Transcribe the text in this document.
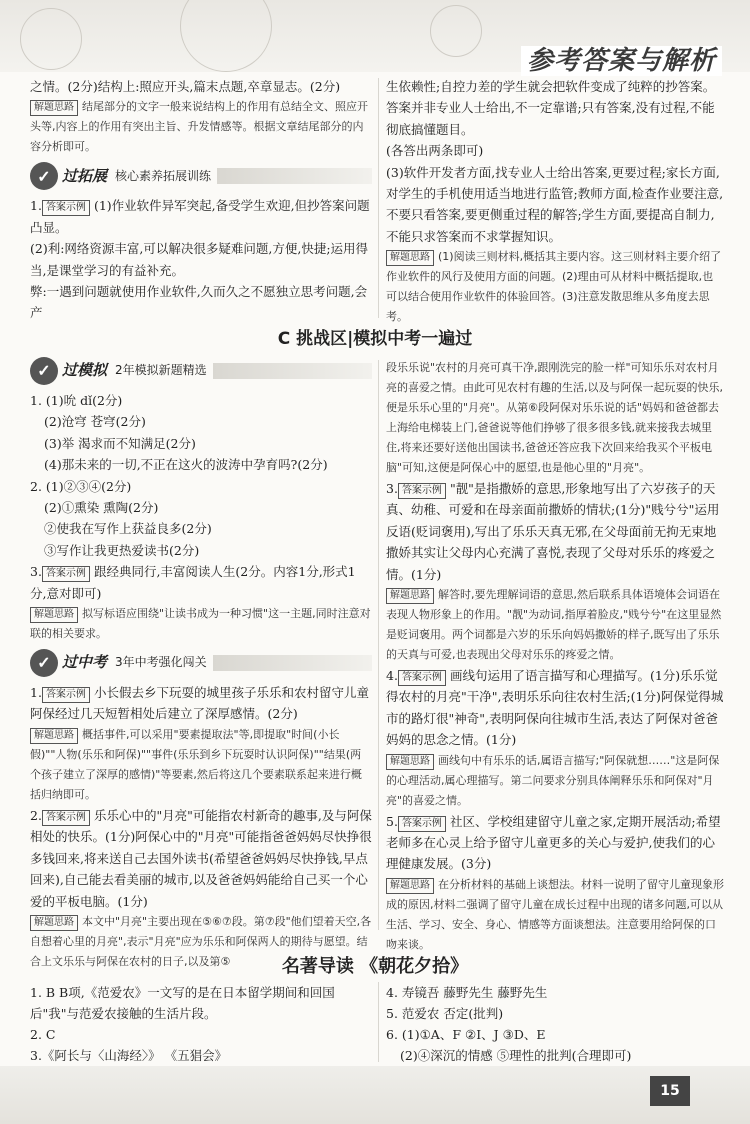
参考答案与解析

之情。(2分)结构上:照应开头,篇末点题,卒章显志。(2分)

解题思路 结尾部分的文字一般来说结构上的作用有总结全文、照应开头等,内容上的作用有突出主旨、升发情感等。根据文章结尾部分的内容分析即可。

✓ 过拓展 核心素养拓展训练

1. 答案示例 (1)作业软件异军突起,备受学生欢迎,但抄答案问题凸显。

(2)利:网络资源丰富,可以解决很多疑难问题,方便,快捷;运用得当,是课堂学习的有益补充。

弊:一遇到问题就使用作业软件,久而久之不愿独立思考问题,会产

生依赖性;自控力差的学生就会把软件变成了纯粹的抄答案。答案并非专业人士给出,不一定靠谱;只有答案,没有过程,不能彻底搞懂题目。

(各答出两条即可)

(3)软件开发者方面,找专业人士给出答案,更要过程;家长方面,对学生的手机使用适当地进行监管;教师方面,检查作业要注意,不要只看答案,要更侧重过程的解答;学生方面,要提高自制力,不能只求答案而不求掌握知识。

解题思路 (1)阅读三则材料,概括其主要内容。这三则材料主要介绍了作业软件的风行及使用方面的问题。(2)理由可从材料中概括提取,也可以结合使用作业软件的体验回答。(3)注意发散思维从多角度去思考。

C 挑战区|模拟中考一遍过
✓ 过模拟 2年模拟新题精选

1. (1)吮 dǐ(2分)

(2)沧穹 苍穹(2分)

(3)举 渴求而不知满足(2分)

(4)那未来的一切,不正在这火的波涛中孕育吗?(2分)

2. (1)②③④(2分)

(2)①熏染 熏陶(2分)

②使我在写作上获益良多(2分)

③写作让我更热爱读书(2分)

3. 答案示例 跟经典同行,丰富阅读人生(2分。内容1分,形式1分,意对即可)

解题思路 拟写标语应围绕"让读书成为一种习惯"这一主题,同时注意对联的相关要求。

✓ 过中考 3年中考强化闯关

1. 答案示例 小长假去乡下玩耍的城里孩子乐乐和农村留守儿童阿保经过几天短暂相处后建立了深厚感情。(2分)

解题思路 概括事件,可以采用"要素提取法"等,即提取"时间(小长假)""人物(乐乐和阿保)""事件(乐乐到乡下玩耍时认识阿保)""结果(两个孩子建立了深厚的感情)"等要素,然后将这几个要素联系起来进行概括归纳即可。

2. 答案示例 乐乐心中的"月亮"可能指农村新奇的趣事,及与阿保相处的快乐。(1分)阿保心中的"月亮"可能指爸爸妈妈尽快挣很多钱回来,将来送自己去国外读书(希望爸爸妈妈尽快挣钱,早点回来),自己能去看美丽的城市,以及爸爸妈妈能给自己买一个心爱的平板电脑。(1分)

解题思路 本文中"月亮"主要出现在⑤⑥⑦段。第⑦段"他们望着天空,各自想着心里的月亮",表示"月亮"应为乐乐和阿保两人的期待与愿望。结合上文乐乐与阿保在农村的日子,以及第⑤

段乐乐说"农村的月亮可真干净,跟刚洗完的脸一样"可知乐乐对农村月亮的喜爱之情。由此可见农村有趣的生活,以及与阿保一起玩耍的快乐,便是乐乐心里的"月亮"。从第⑥段阿保对乐乐说的话"妈妈和爸爸都去上海给电梯装上门,爸爸说等他们挣够了很多很多钱,就来接我去城里住,将来还要好送他出国读书,爸爸还答应我下次回来给我买个平板电脑"可知,这便是阿保心中的愿望,也是他心里的"月亮"。

3. 答案示例 "靓"是指撒娇的意思,形象地写出了六岁孩子的天真、幼稚、可爱和在母亲面前撒娇的情状;(1分)"贱兮兮"运用反语(贬词褒用),写出了乐乐天真无邪,在父母面前无拘无束地撒娇其实让父母内心充满了喜悦,表现了父母对乐乐的疼爱之情。(1分)

解题思路 解答时,要先理解词语的意思,然后联系具体语境体会词语在表现人物形象上的作用。"靓"为动词,指厚着脸皮,"贱兮兮"在这里显然是贬词褒用。两个词都是六岁的乐乐向妈妈撒娇的样子,既写出了乐乐的天真与可爱,也表现出父母对乐乐的疼爱之情。

4. 答案示例 画线句运用了语言描写和心理描写。(1分)乐乐觉得农村的月亮"干净",表明乐乐向往农村生活;(1分)阿保觉得城市的路灯很"神奇",表明阿保向往城市生活,表达了阿保对爸爸妈妈的思念之情。(1分)

解题思路 画线句中有乐乐的话,属语言描写;"阿保就想……"这是阿保的心理活动,属心理描写。第二问要求分别具体阐释乐乐和阿保对"月亮"的喜爱之情。

5. 答案示例 社区、学校组建留守儿童之家,定期开展活动;希望老师多在心灵上给予留守儿童更多的关心与爱护,使我们的心理健康发展。(3分)

解题思路 在分析材料的基础上谈想法。材料一说明了留守儿童现象形成的原因,材料二强调了留守儿童在成长过程中出现的诸多问题,可以从生活、学习、安全、身心、情感等方面谈想法。注意要用给阿保的口吻来谈。

名著导读 《朝花夕拾》

1. B B项,《范爱农》一文写的是在日本留学期间和回国后"我"与范爱农接触的生活片段。

2. C

3.《阿长与〈山海经〉》 《五猖会》

4. 寿镜吾 藤野先生 藤野先生

5. 范爱农 否定(批判)

6. (1)①A、F ②I、J ③D、E

(2)④深沉的情感 ⑤理性的批判(合理即可)

15
